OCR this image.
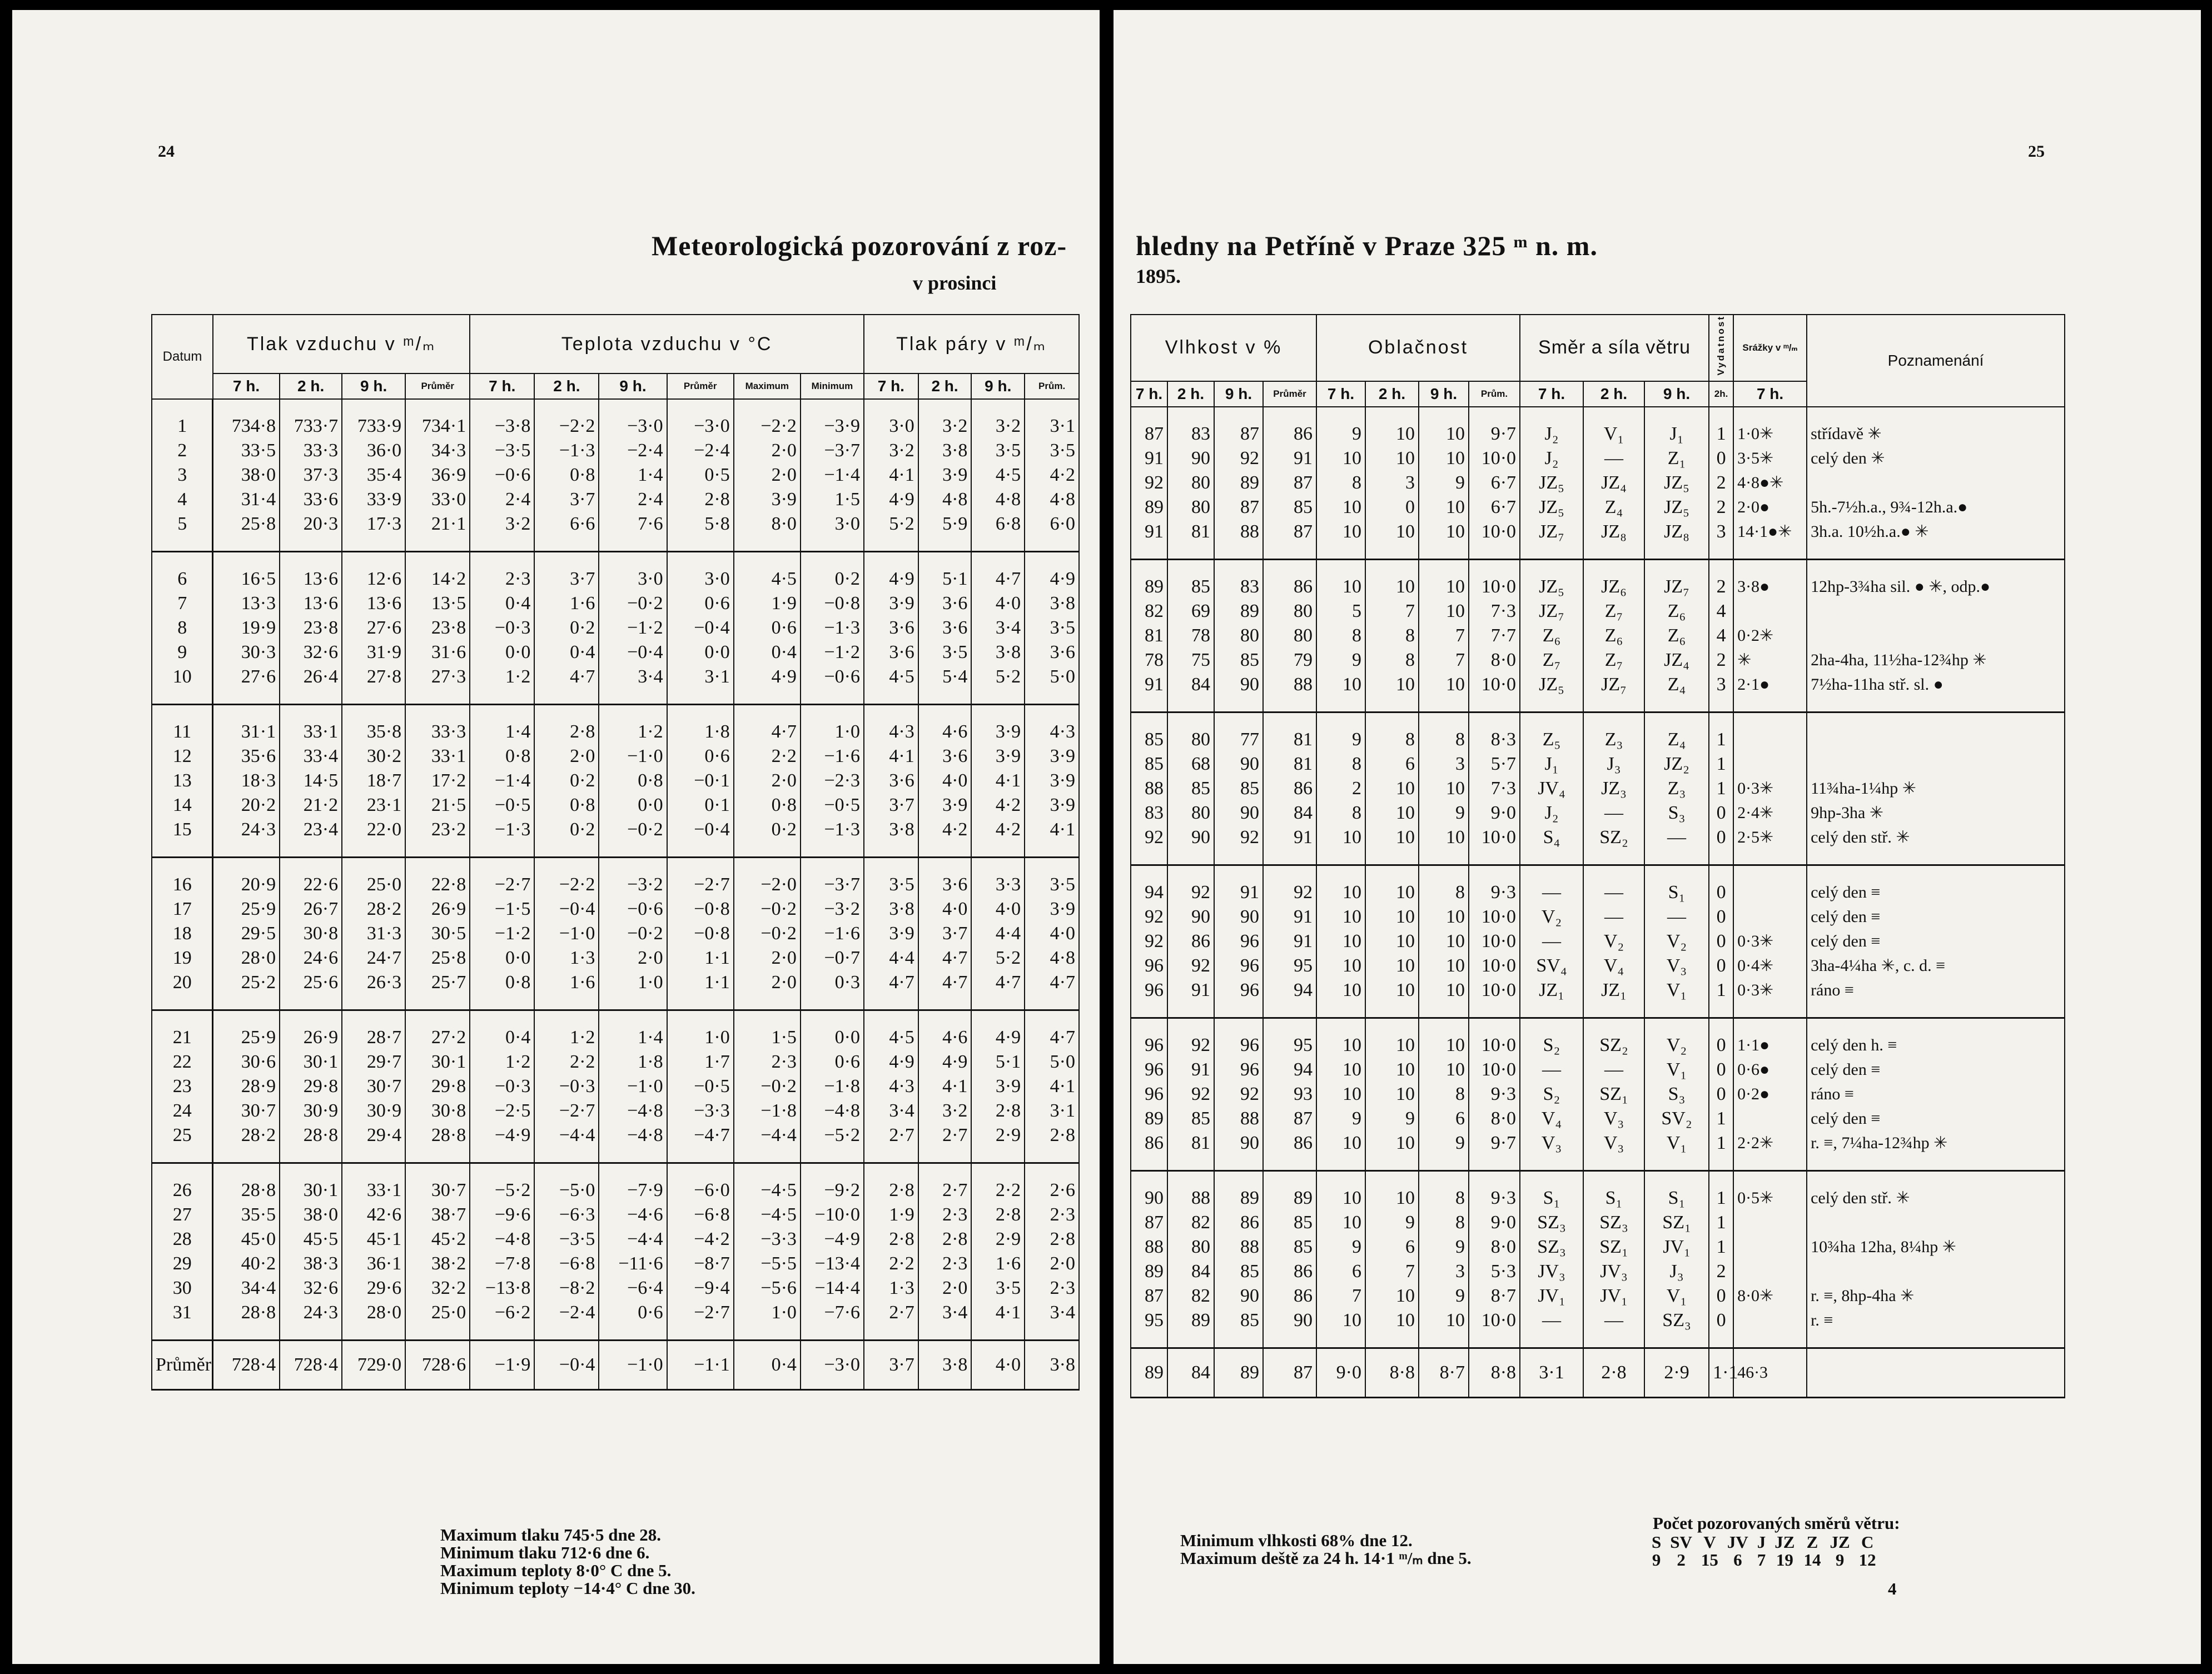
24
Meteorologická pozorování z roz-
v prosinci
Datum	Tlak vzduchu v ᵐ/ₘ				Teplota vzduchu v °C						Tlak páry v ᵐ/ₘ			
	7 h.	2 h.	9 h.	Průměr	7 h.	2 h.	9 h.	Průměr	Maximum	Minimum	7 h.	2 h.	9 h.	Prům.
1	734·8	733·7	733·9	734·1	−3·8	−2·2	−3·0	−3·0	−2·2	−3·9	3·0	3·2	3·2	3·1
2	33·5	33·3	36·0	34·3	−3·5	−1·3	−2·4	−2·4	2·0	−3·7	3·2	3·8	3·5	3·5
3	38·0	37·3	35·4	36·9	−0·6	0·8	1·4	0·5	2·0	−1·4	4·1	3·9	4·5	4·2
4	31·4	33·6	33·9	33·0	2·4	3·7	2·4	2·8	3·9	1·5	4·9	4·8	4·8	4·8
5	25·8	20·3	17·3	21·1	3·2	6·6	7·6	5·8	8·0	3·0	5·2	5·9	6·8	6·0
6	16·5	13·6	12·6	14·2	2·3	3·7	3·0	3·0	4·5	0·2	4·9	5·1	4·7	4·9
7	13·3	13·6	13·6	13·5	0·4	1·6	−0·2	0·6	1·9	−0·8	3·9	3·6	4·0	3·8
8	19·9	23·8	27·6	23·8	−0·3	0·2	−1·2	−0·4	0·6	−1·3	3·6	3·6	3·4	3·5
9	30·3	32·6	31·9	31·6	0·0	0·4	−0·4	0·0	0·4	−1·2	3·6	3·5	3·8	3·6
10	27·6	26·4	27·8	27·3	1·2	4·7	3·4	3·1	4·9	−0·6	4·5	5·4	5·2	5·0
11	31·1	33·1	35·8	33·3	1·4	2·8	1·2	1·8	4·7	1·0	4·3	4·6	3·9	4·3
12	35·6	33·4	30·2	33·1	0·8	2·0	−1·0	0·6	2·2	−1·6	4·1	3·6	3·9	3·9
13	18·3	14·5	18·7	17·2	−1·4	0·2	0·8	−0·1	2·0	−2·3	3·6	4·0	4·1	3·9
14	20·2	21·2	23·1	21·5	−0·5	0·8	0·0	0·1	0·8	−0·5	3·7	3·9	4·2	3·9
15	24·3	23·4	22·0	23·2	−1·3	0·2	−0·2	−0·4	0·2	−1·3	3·8	4·2	4·2	4·1
16	20·9	22·6	25·0	22·8	−2·7	−2·2	−3·2	−2·7	−2·0	−3·7	3·5	3·6	3·3	3·5
17	25·9	26·7	28·2	26·9	−1·5	−0·4	−0·6	−0·8	−0·2	−3·2	3·8	4·0	4·0	3·9
18	29·5	30·8	31·3	30·5	−1·2	−1·0	−0·2	−0·8	−0·2	−1·6	3·9	3·7	4·4	4·0
19	28·0	24·6	24·7	25·8	0·0	1·3	2·0	1·1	2·0	−0·7	4·4	4·7	5·2	4·8
20	25·2	25·6	26·3	25·7	0·8	1·6	1·0	1·1	2·0	0·3	4·7	4·7	4·7	4·7
21	25·9	26·9	28·7	27·2	0·4	1·2	1·4	1·0	1·5	0·0	4·5	4·6	4·9	4·7
22	30·6	30·1	29·7	30·1	1·2	2·2	1·8	1·7	2·3	0·6	4·9	4·9	5·1	5·0
23	28·9	29·8	30·7	29·8	−0·3	−0·3	−1·0	−0·5	−0·2	−1·8	4·3	4·1	3·9	4·1
24	30·7	30·9	30·9	30·8	−2·5	−2·7	−4·8	−3·3	−1·8	−4·8	3·4	3·2	2·8	3·1
25	28·2	28·8	29·4	28·8	−4·9	−4·4	−4·8	−4·7	−4·4	−5·2	2·7	2·7	2·9	2·8
26	28·8	30·1	33·1	30·7	−5·2	−5·0	−7·9	−6·0	−4·5	−9·2	2·8	2·7	2·2	2·6
27	35·5	38·0	42·6	38·7	−9·6	−6·3	−4·6	−6·8	−4·5	−10·0	1·9	2·3	2·8	2·3
28	45·0	45·5	45·1	45·2	−4·8	−3·5	−4·4	−4·2	−3·3	−4·9	2·8	2·8	2·9	2·8
29	40·2	38·3	36·1	38·2	−7·8	−6·8	−11·6	−8·7	−5·5	−13·4	2·2	2·3	1·6	2·0
30	34·4	32·6	29·6	32·2	−13·8	−8·2	−6·4	−9·4	−5·6	−14·4	1·3	2·0	3·5	2·3
31	28·8	24·3	28·0	25·0	−6·2	−2·4	0·6	−2·7	1·0	−7·6	2·7	3·4	4·1	3·4
Průměr	728·4	728·4	729·0	728·6	−1·9	−0·4	−1·0	−1·1	0·4	−3·0	3·7	3·8	4·0	3·8
Maximum tlaku 745·5 dne 28.
Minimum tlaku 712·6 dne 6.
Maximum teploty 8·0° C dne 5.
Minimum teploty −14·4° C dne 30.
25
hledny na Petříně v Praze 325 ᵐ n. m.
1895.
Vlhkost v %				Oblačnost				Směr a síla větru			Vydatnost	Srážky v ᵐ/ₘ	Poznamenání
7 h.	2 h.	9 h.	Průměr	7 h.	2 h.	9 h.	Prům.	7 h.	2 h.	9 h.	2h.	7 h.	
87	83	87	86	9	10	10	9·7	J₂	V₁	J₁	1	1·0✳	střídavě ✳
91	90	92	91	10	10	10	10·0	J₂	—	Z₁	0	3·5✳	celý den ✳
92	80	89	87	8	3	9	6·7	JZ₅	JZ₄	JZ₅	2	4·8●✳	
89	80	87	85	10	0	10	6·7	JZ₅	Z₄	JZ₅	2	2·0●	5h.-7½h.a., 9¾-12h.a.●
91	81	88	87	10	10	10	10·0	JZ₇	JZ₈	JZ₈	3	14·1●✳	3h.a. 10½h.a.● ✳
89	85	83	86	10	10	10	10·0	JZ₅	JZ₆	JZ₇	2	3·8●	12hp-3¾ha sil. ● ✳, odp.●
82	69	89	80	5	7	10	7·3	JZ₇	Z₇	Z₆	4		
81	78	80	80	8	8	7	7·7	Z₆	Z₆	Z₆	4	0·2✳	
78	75	85	79	9	8	7	8·0	Z₇	Z₇	JZ₄	2	✳	2ha-4ha, 11½ha-12¾hp ✳
91	84	90	88	10	10	10	10·0	JZ₅	JZ₇	Z₄	3	2·1●	7½ha-11ha stř. sl. ●
85	80	77	81	9	8	8	8·3	Z₅	Z₃	Z₄	1		
85	68	90	81	8	6	3	5·7	J₁	J₃	JZ₂	1		
88	85	85	86	2	10	10	7·3	JV₄	JZ₃	Z₃	1	0·3✳	11¾ha-1¼hp ✳
83	80	90	84	8	10	9	9·0	J₂	—	S₃	0	2·4✳	9hp-3ha ✳
92	90	92	91	10	10	10	10·0	S₄	SZ₂	—	0	2·5✳	celý den stř. ✳
94	92	91	92	10	10	8	9·3	—	—	S₁	0		celý den ≡
92	90	90	91	10	10	10	10·0	V₂	—	—	0		celý den ≡
92	86	96	91	10	10	10	10·0	—	V₂	V₂	0	0·3✳	celý den ≡
96	92	96	95	10	10	10	10·0	SV₄	V₄	V₃	0	0·4✳	3ha-4¼ha ✳, c. d. ≡
96	91	96	94	10	10	10	10·0	JZ₁	JZ₁	V₁	1	0·3✳	ráno ≡
96	92	96	95	10	10	10	10·0	S₂	SZ₂	V₂	0	1·1●	celý den h. ≡
96	91	96	94	10	10	10	10·0	—	—	V₁	0	0·6●	celý den ≡
96	92	92	93	10	10	8	9·3	S₂	SZ₁	S₃	0	0·2●	ráno ≡
89	85	88	87	9	9	6	8·0	V₄	V₃	SV₂	1		celý den ≡
86	81	90	86	10	10	9	9·7	V₃	V₃	V₁	1	2·2✳	r. ≡, 7¼ha-12¾hp ✳
90	88	89	89	10	10	8	9·3	S₁	S₁	S₁	1	0·5✳	celý den stř. ✳
87	82	86	85	10	9	8	9·0	SZ₃	SZ₃	SZ₁	1		
88	80	88	85	9	6	9	8·0	SZ₃	SZ₁	JV₁	1		10¾ha 12ha, 8¼hp ✳
89	84	85	86	6	7	3	5·3	JV₃	JV₃	J₃	2		
87	82	90	86	7	10	9	8·7	JV₁	JV₁	V₁	0	8·0✳	r. ≡, 8hp-4ha ✳
95	89	85	90	10	10	10	10·0	—	—	SZ₃	0		r. ≡
89	84	89	87	9·0	8·8	8·7	8·8	3·1	2·8	2·9	1·1	46·3	
Minimum vlhkosti 68% dne 12.
Maximum deště za 24 h. 14·1 ᵐ/ₘ dne 5.
Počet pozorovaných směrů větru:
S	SV	V	JV	J	JZ	Z	JZ	C
9	2	15	6	7	19	14	9	12
4
